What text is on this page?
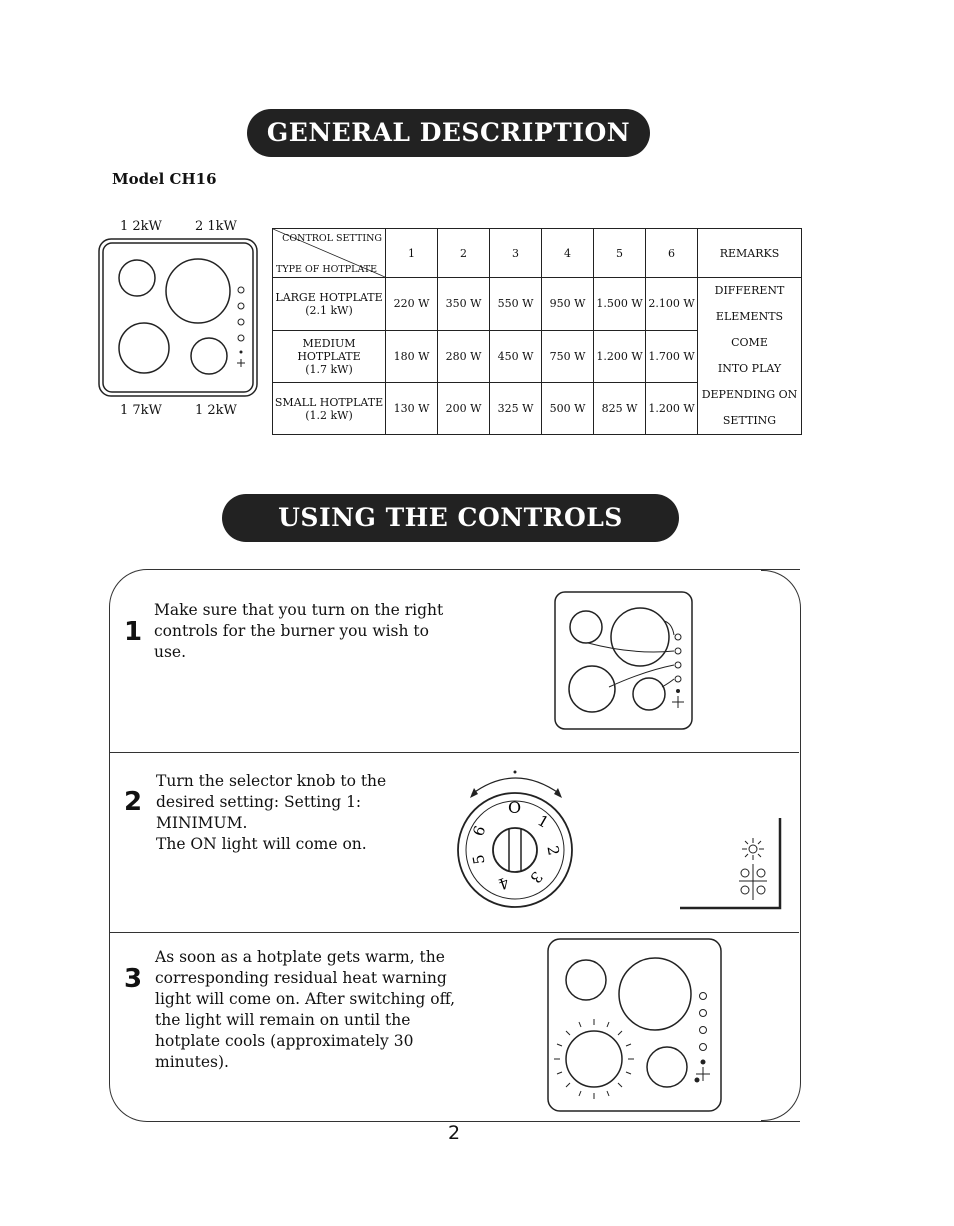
GENERAL DESCRIPTION
Model CH16
1 2kW	2 1kW
1 7kW	1 2kW
CONTROL SETTING
TYPE OF HOTPLATE	1	2	3	4	5	6	REMARKS
LARGE HOTPLATE
(2.1 kW)	220 W	350 W	550 W	950 W	1.500 W	2.100 W	DIFFERENT
ELEMENTS COME
INTO PLAY
DEPENDING ON
SETTING
MEDIUM HOTPLATE
(1.7 kW)	180 W	280 W	450 W	750 W	1.200 W	1.700 W	
SMALL HOTPLATE
(1.2 kW)	130 W	200 W	325 W	500 W	825 W	1.200 W	
USING THE CONTROLS
1
Make sure that you turn on the right
controls for the burner you wish to
use.
2
Turn the selector knob to the
desired setting: Setting 1:
MINIMUM.
The ON light will come on.
O
1
2
3
4
5
6
3
As soon as a hotplate gets warm, the
corresponding residual heat warning
light will come on. After switching off,
the light will remain on until the
hotplate cools (approximately 30
minutes).
2
